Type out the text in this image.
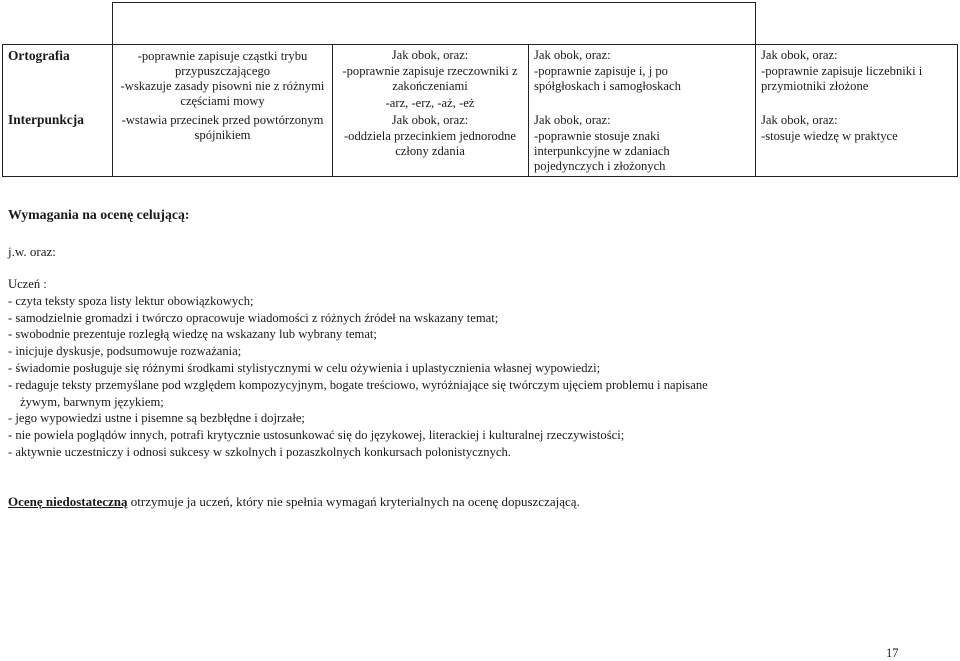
Ortografia
Interpunkcja
-poprawnie zapisuje cząstki trybu przypuszczającego
-wskazuje zasady pisowni nie z różnymi częściami mowy
-wstawia przecinek przed powtórzonym spójnikiem
Jak obok, oraz:
-poprawnie zapisuje rzeczowniki z zakończeniami
-arz, -erz, -aż, -eż
Jak obok, oraz:
-oddziela przecinkiem jednorodne człony zdania
Jak obok, oraz:
-poprawnie zapisuje i, j po spółgłoskach i samogłoskach
Jak obok, oraz:
-poprawnie stosuje znaki interpunkcyjne w zdaniach pojedynczych i złożonych
Jak obok, oraz:
-poprawnie zapisuje liczebniki i przymiotniki złożone
Jak obok, oraz:
-stosuje wiedzę w praktyce
Wymagania na ocenę celującą:
j.w. oraz:
Uczeń :
- czyta teksty spoza listy lektur obowiązkowych;
- samodzielnie gromadzi i twórczo opracowuje wiadomości z różnych źródeł na wskazany temat;
- swobodnie prezentuje rozległą wiedzę na wskazany lub wybrany temat;
- inicjuje dyskusje, podsumowuje rozważania;
- świadomie posługuje się różnymi środkami stylistycznymi w celu ożywienia i uplastycznienia własnej wypowiedzi;
- redaguje teksty przemyślane pod względem kompozycyjnym, bogate treściowo, wyróżniające się twórczym ujęciem problemu i napisane
żywym, barwnym językiem;
- jego wypowiedzi ustne i pisemne są bezbłędne i dojrzałe;
- nie powiela poglądów innych, potrafi krytycznie ustosunkować się do językowej, literackiej i kulturalnej rzeczywistości;
- aktywnie uczestniczy i odnosi sukcesy w szkolnych i pozaszkolnych konkursach polonistycznych.
Ocenę niedostateczną otrzymuje ja uczeń, który nie spełnia wymagań kryterialnych na ocenę dopuszczającą.
17
